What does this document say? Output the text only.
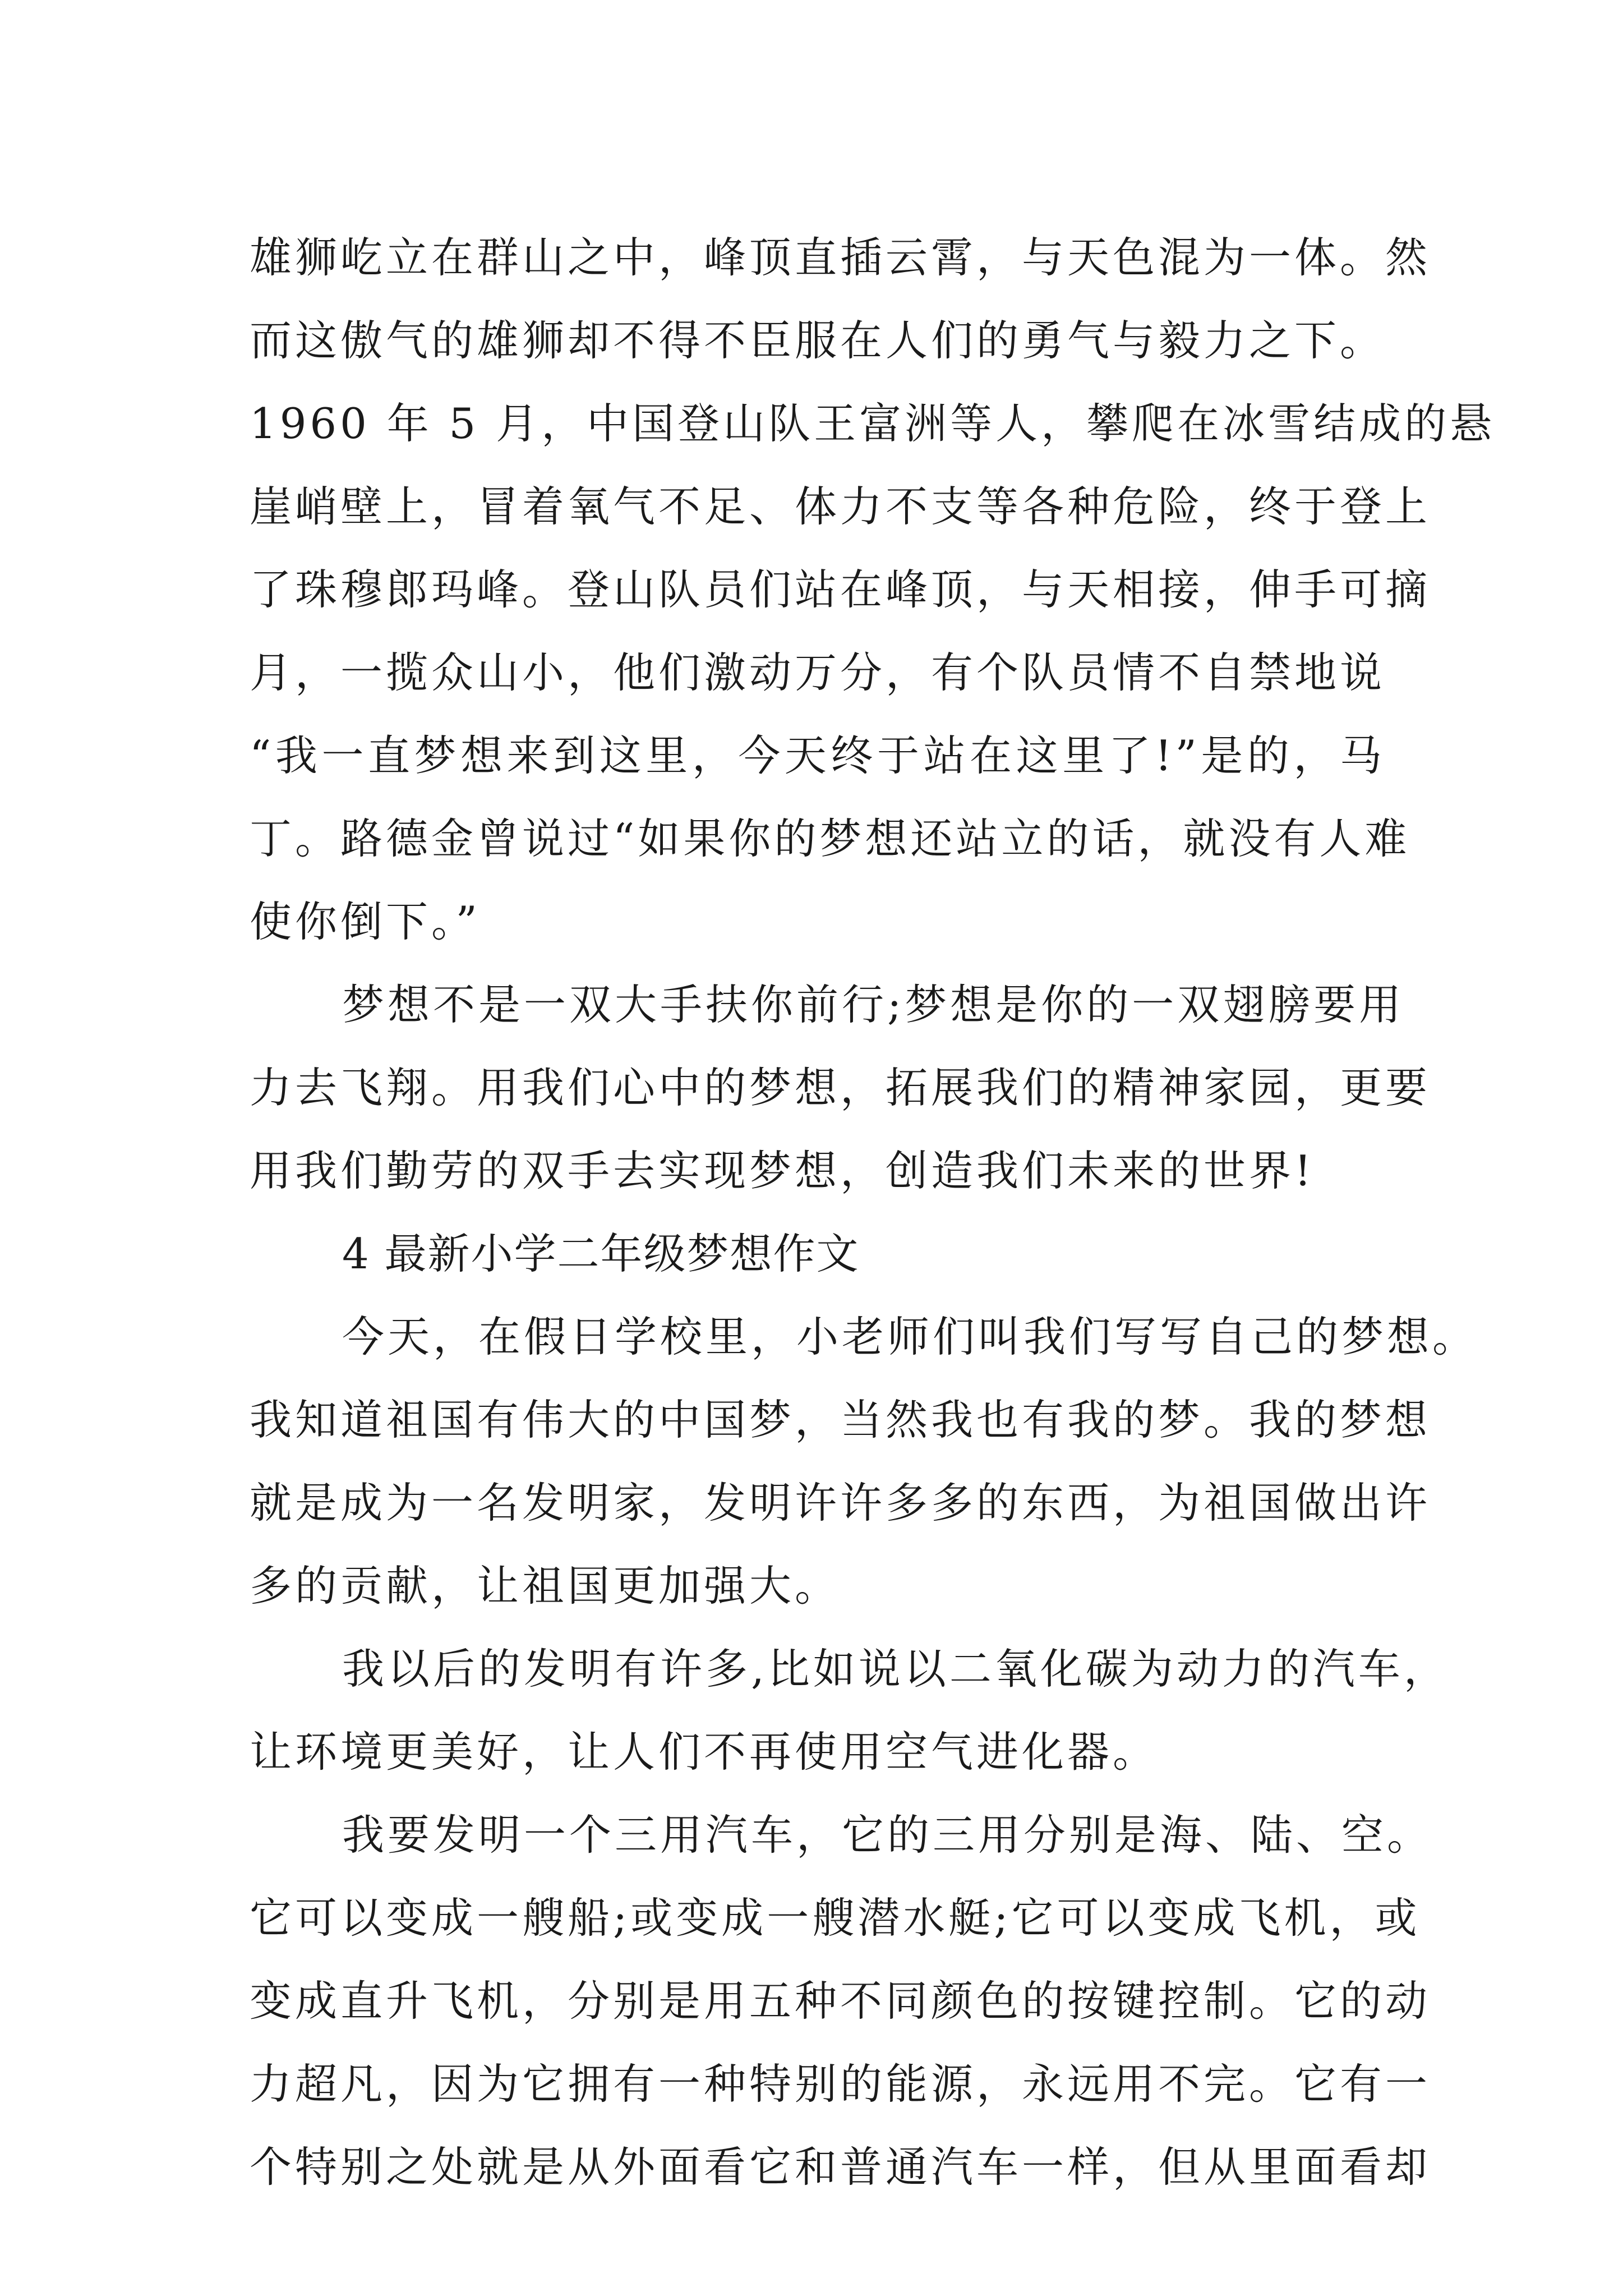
雄狮屹立在群山之中，峰顶直插云霄，与天色混为一体。然
而这傲气的雄狮却不得不臣服在人们的勇气与毅力之下。
1960 年 5 月，中国登山队王富洲等人，攀爬在冰雪结成的悬
崖峭壁上，冒着氧气不足、体力不支等各种危险，终于登上
了珠穆郎玛峰。登山队员们站在峰顶，与天相接，伸手可摘
月，一揽众山小，他们激动万分，有个队员情不自禁地说
“我一直梦想来到这里，今天终于站在这里了!”是的，马
丁。路德金曾说过“如果你的梦想还站立的话，就没有人难
使你倒下。”
梦想不是一双大手扶你前行;梦想是你的一双翅膀要用
力去飞翔。用我们心中的梦想，拓展我们的精神家园，更要
用我们勤劳的双手去实现梦想，创造我们未来的世界!
4 最新小学二年级梦想作文
今天，在假日学校里，小老师们叫我们写写自己的梦想。
我知道祖国有伟大的中国梦，当然我也有我的梦。我的梦想
就是成为一名发明家，发明许许多多的东西，为祖国做出许
多的贡献，让祖国更加强大。
我以后的发明有许多,比如说以二氧化碳为动力的汽车，
让环境更美好，让人们不再使用空气进化器。
我要发明一个三用汽车，它的三用分别是海、陆、空。
它可以变成一艘船;或变成一艘潜水艇;它可以变成飞机，或
变成直升飞机，分别是用五种不同颜色的按键控制。它的动
力超凡，因为它拥有一种特别的能源，永远用不完。它有一
个特别之处就是从外面看它和普通汽车一样，但从里面看却
